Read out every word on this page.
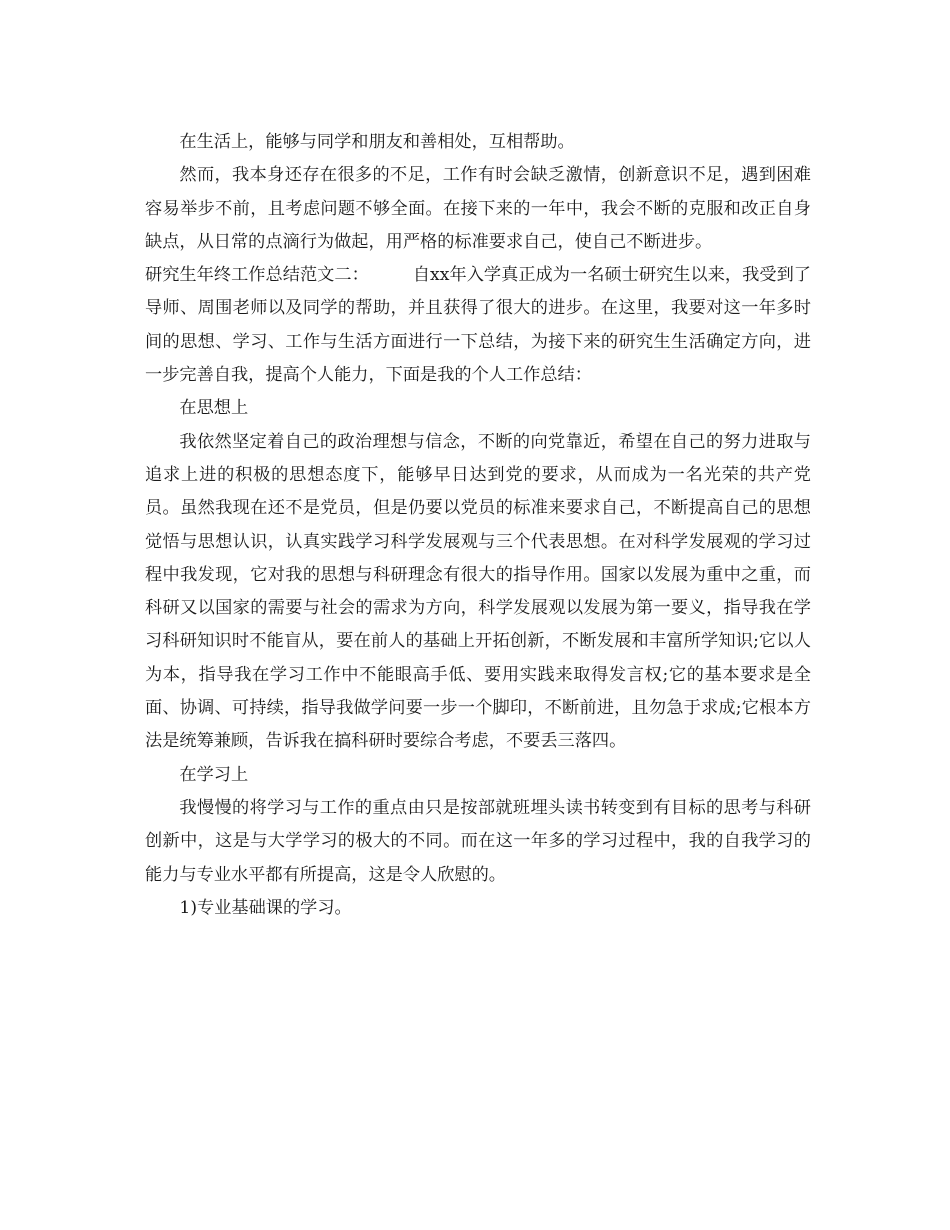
在生活上，能够与同学和朋友和善相处，互相帮助。

然而，我本身还存在很多的不足，工作有时会缺乏激情，创新意识不足，遇到困难容易举步不前，且考虑问题不够全面。在接下来的一年中，我会不断的克服和改正自身缺点，从日常的点滴行为做起，用严格的标准要求自己，使自己不断进步。

研究生年终工作总结范文二：	自xx年入学真正成为一名硕士研究生以来，我受到了导师、周围老师以及同学的帮助，并且获得了很大的进步。在这里，我要对这一年多时间的思想、学习、工作与生活方面进行一下总结，为接下来的研究生生活确定方向，进一步完善自我，提高个人能力，下面是我的个人工作总结：

在思想上

我依然坚定着自己的政治理想与信念，不断的向党靠近，希望在自己的努力进取与追求上进的积极的思想态度下，能够早日达到党的要求，从而成为一名光荣的共产党员。虽然我现在还不是党员，但是仍要以党员的标准来要求自己，不断提高自己的思想觉悟与思想认识，认真实践学习科学发展观与三个代表思想。在对科学发展观的学习过程中我发现，它对我的思想与科研理念有很大的指导作用。国家以发展为重中之重，而科研又以国家的需要与社会的需求为方向，科学发展观以发展为第一要义，指导我在学习科研知识时不能盲从，要在前人的基础上开拓创新，不断发展和丰富所学知识;它以人为本，指导我在学习工作中不能眼高手低、要用实践来取得发言权;它的基本要求是全面、协调、可持续，指导我做学问要一步一个脚印，不断前进，且勿急于求成;它根本方法是统筹兼顾，告诉我在搞科研时要综合考虑，不要丢三落四。

在学习上

我慢慢的将学习与工作的重点由只是按部就班埋头读书转变到有目标的思考与科研创新中，这是与大学学习的极大的不同。而在这一年多的学习过程中，我的自我学习的能力与专业水平都有所提高，这是令人欣慰的。

1)专业基础课的学习。
